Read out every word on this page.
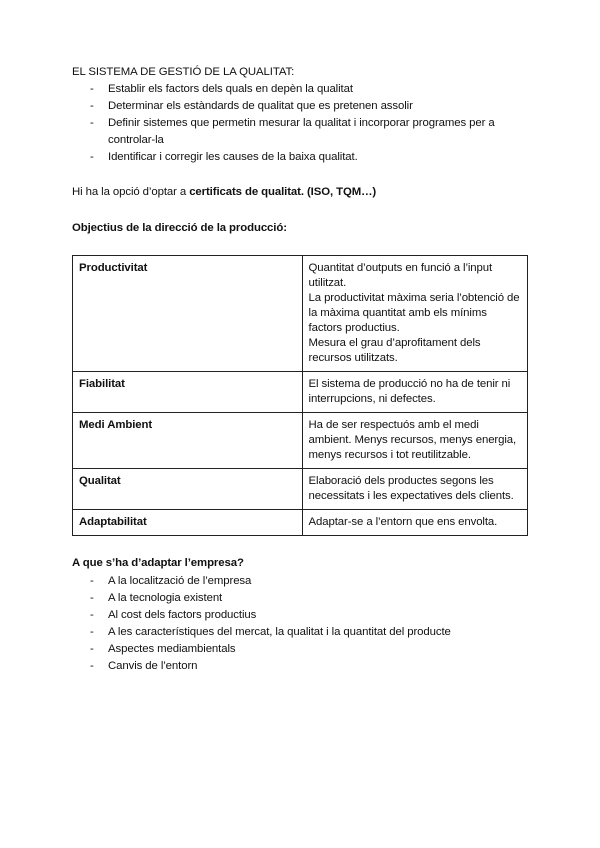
EL SISTEMA DE GESTIÓ DE LA QUALITAT:
- Establir els factors dels quals en depèn la qualitat
- Determinar els estàndards de qualitat que es pretenen assolir
- Definir sistemes que permetin mesurar la qualitat i incorporar programes per a controlar-la
- Identificar i corregir les causes de la baixa qualitat.
Hi ha la opció d’optar a certificats de qualitat. (ISO, TQM…)
Objectius de la direcció de la producció:
Productivitat	Quantitat d’outputs en funció a l’input utilitzat.
La productivitat màxima seria l’obtenció de la màxima quantitat amb els mínims factors productius.
Mesura el grau d’aprofitament dels recursos utilitzats.

Fiabilitat	El sistema de producció no ha de tenir ni interrupcions, ni defectes.

Medi Ambient	Ha de ser respectuós amb el medi ambient. Menys recursos, menys energia, menys recursos i tot reutilitzable.

Qualitat	Elaboració dels productes segons les necessitats i les expectatives dels clients.

Adaptabilitat	Adaptar-se a l’entorn que ens envolta.
A que s’ha d’adaptar l’empresa?
- A la localització de l’empresa
- A la tecnologia existent
- Al cost dels factors productius
- A les característiques del mercat, la qualitat i la quantitat del producte
- Aspectes mediambientals
- Canvis de l’entorn
